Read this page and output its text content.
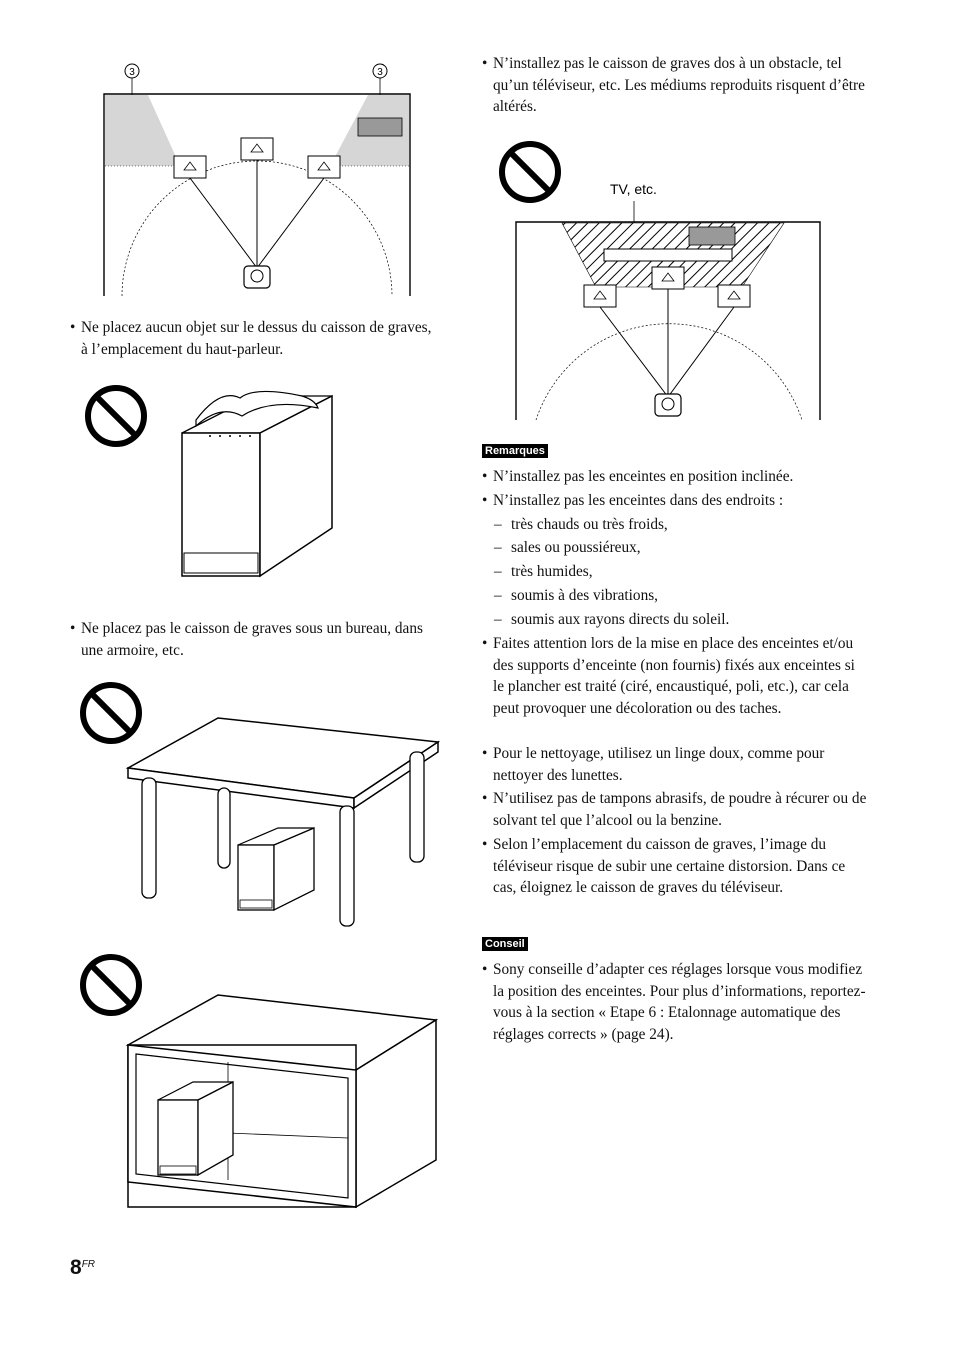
3	3
• Ne placez aucun objet sur le dessus du caisson de graves, à l’emplacement du haut-parleur.
• Ne placez pas le caisson de graves sous un bureau, dans une armoire, etc.
• N’installez pas le caisson de graves dos à un obstacle, tel qu’un téléviseur, etc. Les médiums reproduits risquent d’être altérés.
TV, etc.
Remarques
• N’installez pas les enceintes en position inclinée.
• N’installez pas les enceintes dans des endroits :
– très chauds ou très froids,
– sales ou poussiéreux,
– très humides,
– soumis à des vibrations,
– soumis aux rayons directs du soleil.
• Faites attention lors de la mise en place des enceintes et/ou des supports d’enceinte (non fournis) fixés aux enceintes si le plancher est traité (ciré, encaustiqué, poli, etc.), car cela peut provoquer une décoloration ou des taches.
• Pour le nettoyage, utilisez un linge doux, comme pour nettoyer des lunettes.
• N’utilisez pas de tampons abrasifs, de poudre à récurer ou de solvant tel que l’alcool ou la benzine.
• Selon l’emplacement du caisson de graves, l’image du téléviseur risque de subir une certaine distorsion. Dans ce cas, éloignez le caisson de graves du téléviseur.
Conseil
• Sony conseille d’adapter ces réglages lorsque vous modifiez la position des enceintes. Pour plus d’informations, reportez-vous à la section « Etape 6 : Etalonnage automatique des réglages corrects » (page 24).
$8^{FR}$
